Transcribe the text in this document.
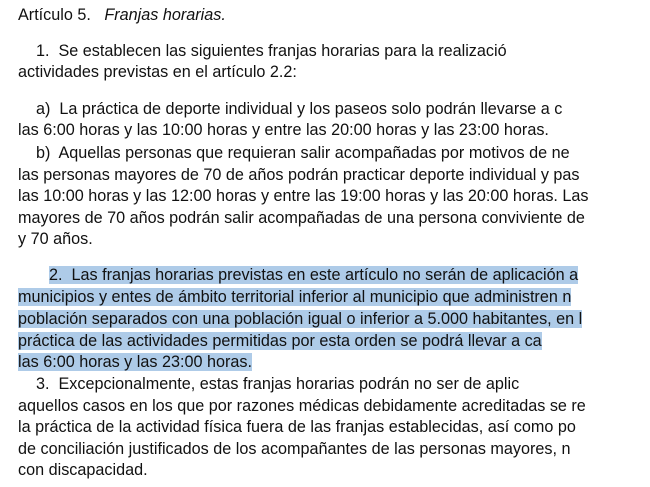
Artículo 5. Franjas horarias.
1.  Se establecen las siguientes franjas horarias para la realizació
actividades previstas en el artículo 2.2:
a)  La práctica de deporte individual y los paseos solo podrán llevarse a c
las 6:00 horas y las 10:00 horas y entre las 20:00 horas y las 23:00 horas.
b)  Aquellas personas que requieran salir acompañadas por motivos de ne
las personas mayores de 70 de años podrán practicar deporte individual y pas
las 10:00 horas y las 12:00 horas y entre las 19:00 horas y las 20:00 horas. Las
mayores de 70 años podrán salir acompañadas de una persona conviviente de
y 70 años.
2.  Las franjas horarias previstas en este artículo no serán de aplicación a
municipios y entes de ámbito territorial inferior al municipio que administren n
población separados con una población igual o inferior a 5.000 habitantes, en l
práctica de las actividades permitidas por esta orden se podrá llevar a ca
las 6:00 horas y las 23:00 horas.
3.  Excepcionalmente, estas franjas horarias podrán no ser de aplic
aquellos casos en los que por razones médicas debidamente acreditadas se re
la práctica de la actividad física fuera de las franjas establecidas, así como po
de conciliación justificados de los acompañantes de las personas mayores, n
con discapacidad.
